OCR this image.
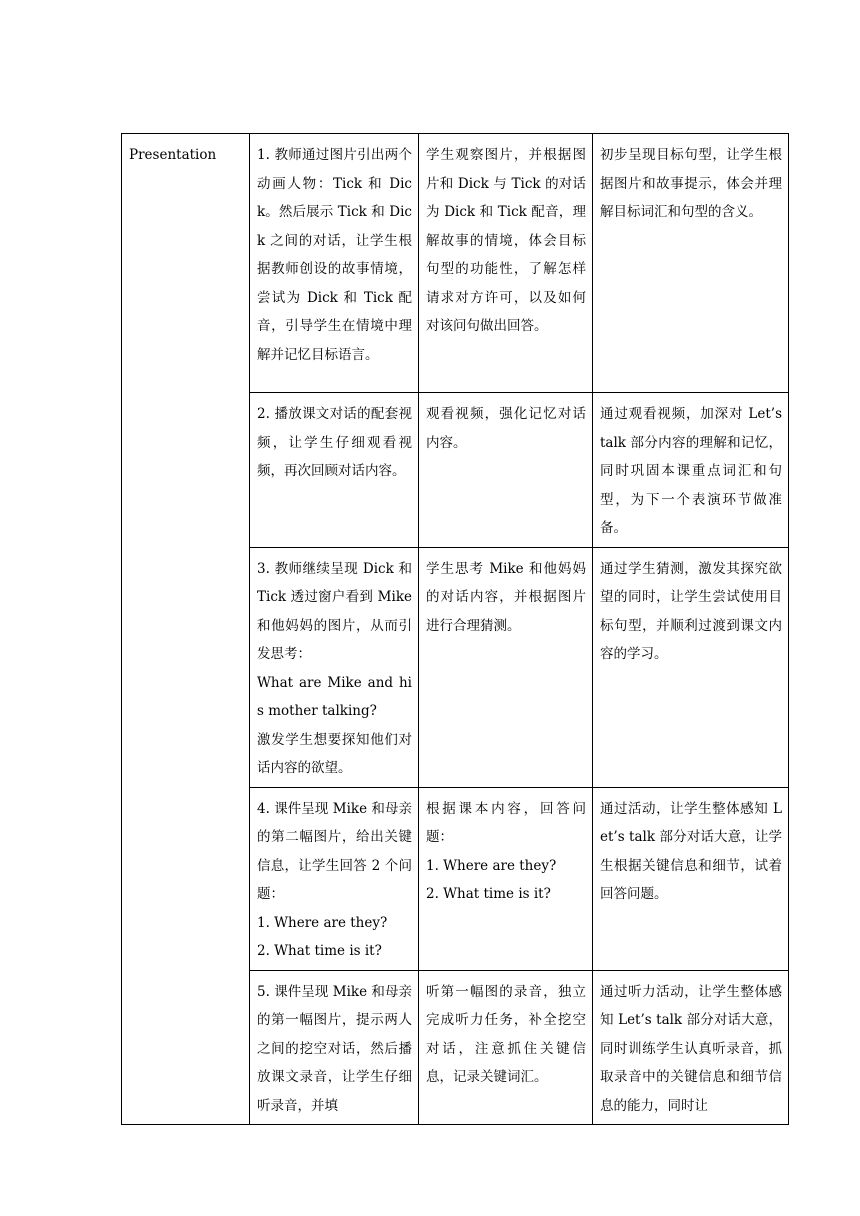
Presentation	1. 教师通过图片引出两个动画人物：Tick 和 Dick。然后展示 Tick 和 Dick 之间的对话，让学生根据教师创设的故事情境，尝试为 Dick 和 Tick 配音，引导学生在情境中理解并记忆目标语言。	学生观察图片，并根据图片和 Dick 与 Tick 的对话为 Dick 和 Tick 配音，理解故事的情境，体会目标句型的功能性，了解怎样请求对方许可，以及如何对该问句做出回答。	初步呈现目标句型，让学生根据图片和故事提示，体会并理解目标词汇和句型的含义。

	2. 播放课文对话的配套视频，让学生仔细观看视频，再次回顾对话内容。	观看视频，强化记忆对话内容。	通过观看视频，加深对 Let’s talk 部分内容的理解和记忆，同时巩固本课重点词汇和句型，为下一个表演环节做准备。

	3. 教师继续呈现 Dick 和 Tick 透过窗户看到 Mike 和他妈妈的图片，从而引发思考：
What are Mike and his mother talking?
激发学生想要探知他们对话内容的欲望。	学生思考 Mike 和他妈妈的对话内容，并根据图片进行合理猜测。	通过学生猜测，激发其探究欲望的同时，让学生尝试使用目标句型，并顺利过渡到课文内容的学习。

	4. 课件呈现 Mike 和母亲的第二幅图片，给出关键信息，让学生回答 2 个问题：
1. Where are they?
2. What time is it?	根据课本内容，回答问题：
1. Where are they?
2. What time is it?	通过活动，让学生整体感知 Let’s talk 部分对话大意，让学生根据关键信息和细节，试着回答问题。

	5. 课件呈现 Mike 和母亲的第一幅图片，提示两人之间的挖空对话，然后播放课文录音，让学生仔细听录音，并填	听第一幅图的录音，独立完成听力任务，补全挖空对话，注意抓住关键信息，记录关键词汇。	通过听力活动，让学生整体感知 Let’s talk 部分对话大意，同时训练学生认真听录音，抓取录音中的关键信息和细节信息的能力，同时让
